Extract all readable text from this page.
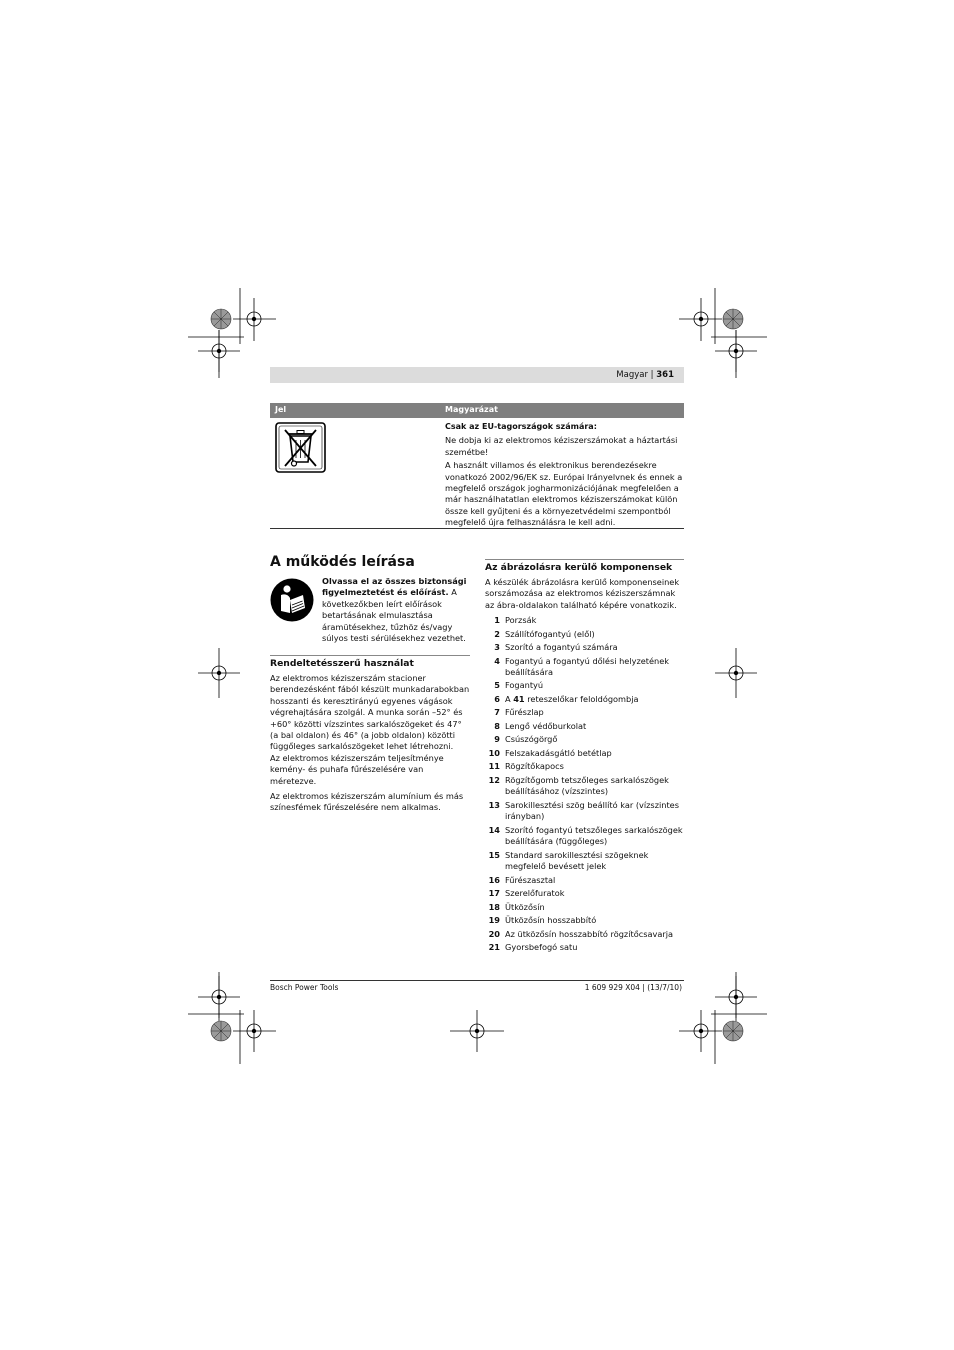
Magyar | 361
Jel	Magyarázat

Csak az EU-tagországok számára:

Ne dobja ki az elektromos kéziszerszámokat a háztartási szemétbe!

A használt villamos és elektronikus berendezésekre vonatkozó 2002/96/EK sz. Európai Irányelvnek és ennek a megfelelő országok jogharmonizációjának megfelelően a már használhatatlan elektromos kéziszerszámokat külön össze kell gyűjteni és a környezetvédelmi szempontból megfelelő újra felhasználásra le kell adni.

A működés leírása
Olvassa el az összes biztonsági figyelmeztetést és előírást. A következőkben leírt előírások betartásának elmulasztása áramütésekhez, tűzhöz és/vagy súlyos testi sérülésekhez vezethet.
Rendeltetésszerű használat

Az elektromos kéziszerszám stacioner berendezésként fából készült munkadarabokban hosszanti és keresztirányú egyenes vágások végrehajtására szolgál. A munka során –52° és +60° közötti vízszintes sarkalószögeket és 47° (a bal oldalon) és 46° (a jobb oldalon) közötti függőleges sarkalószögeket lehet létrehozni.

Az elektromos kéziszerszám teljesítménye kemény- és puhafa fűrészelésére van méretezve.

Az elektromos kéziszerszám alumínium és más színesfémek fűrészelésére nem alkalmas.

Az ábrázolásra kerülő komponensek
A készülék ábrázolásra kerülő komponenseinek sorszámozása az elektromos kéziszerszámnak az ábra-oldalakon található képére vonatkozik.
1 Porzsák
2 Szállítófogantyú (elől)
3 Szorító a fogantyú számára
4 Fogantyú a fogantyú dőlési helyzetének beállítására
5 Fogantyú
6 A 41 reteszelőkar feloldógombja
7 Fűrészlap
8 Lengő védőburkolat
9 Csúszógörgő
10 Felszakadásgátló betétlap
11 Rögzítőkapocs
12 Rögzítőgomb tetszőleges sarkalószögek beállításához (vízszintes)
13 Sarokillesztési szög beállító kar (vízszintes irányban)
14 Szorító fogantyú tetszőleges sarkalószögek beállítására (függőleges)
15 Standard sarokillesztési szögeknek megfelelő bevésett jelek
16 Fűrészasztal
17 Szerelőfuratok
18 Ütközősín
19 Ütközősín hosszabbító
20 Az ütközősín hosszabbító rögzítőcsavarja
21 Gyorsbefogó satu
Bosch Power Tools	1 609 929 X04 | (13/7/10)
